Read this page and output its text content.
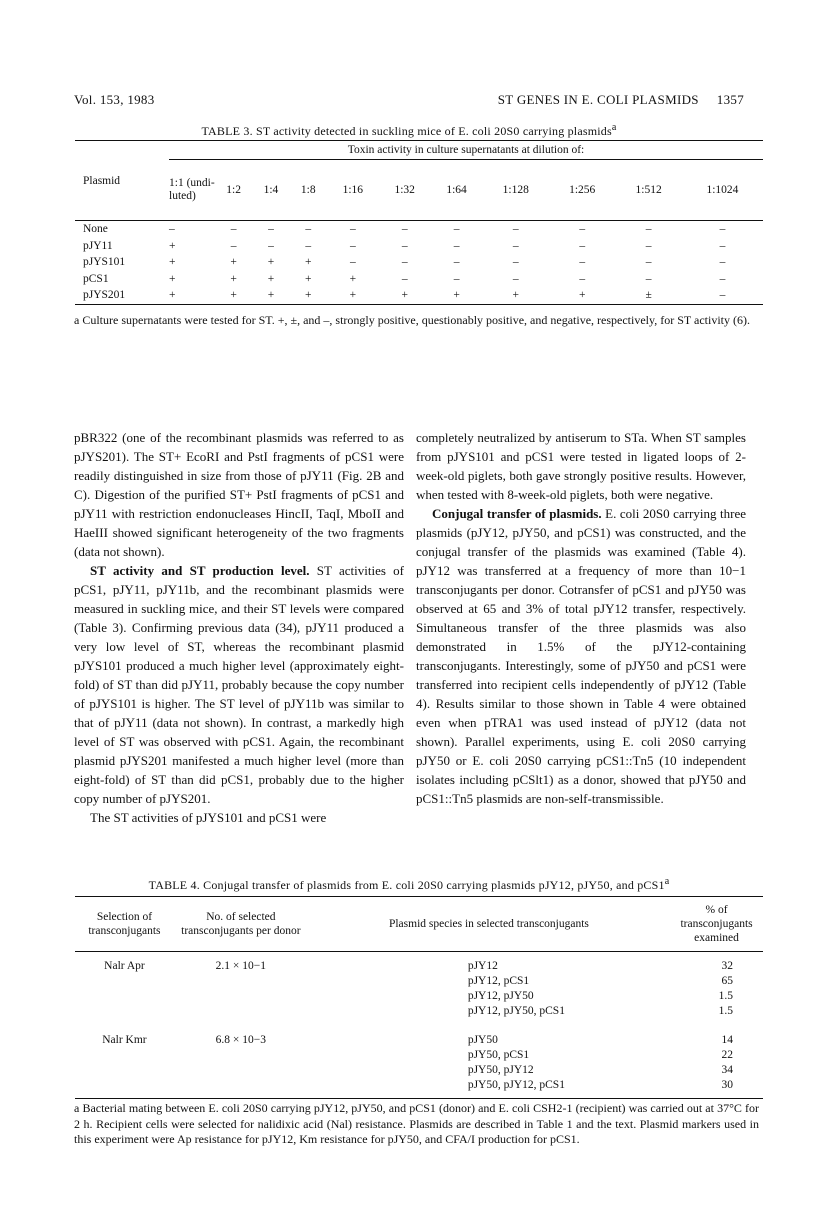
Vol. 153, 1983	ST GENES IN E. COLI PLASMIDS 1357
TABLE 3. ST activity detected in suckling mice of E. coli 20S0 carrying plasmids$^a$
Plasmid	Toxin activity in culture supernatants at dilution of:										
	1:1 (undi- luted)	1:2	1:4	1:8	1:16	1:32	1:64	1:128	1:256	1:512	1:1024
None	–	–	–	–	–	–	–	–	–	–	–
pJY11	+	–	–	–	–	–	–	–	–	–	–
pJYS101	+	+	+	+	–	–	–	–	–	–	–
pCS1	+	+	+	+	+	–	–	–	–	–	–
pJYS201	+	+	+	+	+	+	+	+	+	±	–
a Culture supernatants were tested for ST. +, ±, and –, strongly positive, questionably positive, and negative, respectively, for ST activity (6).

pBR322 (one of the recombinant plasmids was referred to as pJYS201). The ST+ EcoRI and PstI fragments of pCS1 were readily distinguished in size from those of pJY11 (Fig. 2B and C). Digestion of the purified ST+ PstI fragments of pCS1 and pJY11 with restriction endonucleases HincII, TaqI, MboII and HaeIII showed significant heterogeneity of the two fragments (data not shown).

ST activity and ST production level. ST activities of pCS1, pJY11, pJY11b, and the recombinant plasmids were measured in suckling mice, and their ST levels were compared (Table 3). Confirming previous data (34), pJY11 produced a very low level of ST, whereas the recombinant plasmid pJYS101 produced a much higher level (approximately eight-fold) of ST than did pJY11, probably because the copy number of pJYS101 is higher. The ST level of pJY11b was similar to that of pJY11 (data not shown). In contrast, a markedly high level of ST was observed with pCS1. Again, the recombinant plasmid pJYS201 manifested a much higher level (more than eight-fold) of ST than did pCS1, probably due to the higher copy number of pJYS201.

The ST activities of pJYS101 and pCS1 were

completely neutralized by antiserum to STa. When ST samples from pJYS101 and pCS1 were tested in ligated loops of 2-week-old piglets, both gave strongly positive results. However, when tested with 8-week-old piglets, both were negative.

Conjugal transfer of plasmids. E. coli 20S0 carrying three plasmids (pJY12, pJY50, and pCS1) was constructed, and the conjugal transfer of the plasmids was examined (Table 4). pJY12 was transferred at a frequency of more than 10−1 transconjugants per donor. Cotransfer of pCS1 and pJY50 was observed at 65 and 3% of total pJY12 transfer, respectively. Simultaneous transfer of the three plasmids was also demonstrated in 1.5% of the pJY12-containing transconjugants. Interestingly, some of pJY50 and pCS1 were transferred into recipient cells independently of pJY12 (Table 4). Results similar to those shown in Table 4 were obtained even when pTRA1 was used instead of pJY12 (data not shown). Parallel experiments, using E. coli 20S0 carrying pJY50 or E. coli 20S0 carrying pCS1::Tn5 (10 independent isolates including pCSlt1) as a donor, showed that pJY50 and pCS1::Tn5 plasmids are non-self-transmissible.

TABLE 4. Conjugal transfer of plasmids from E. coli 20S0 carrying plasmids pJY12, pJY50, and pCS1$^a$
Selection of transconjugants	No. of selected transconjugants per donor	Plasmid species in selected transconjugants	% of transconjugants examined

Nalr Apr	2.1 × 10−1	pJY12	32
		pJY12, pCS1	65
		pJY12, pJY50	1.5
		pJY12, pJY50, pCS1	1.5

Nalr Kmr	6.8 × 10−3	pJY50	14
		pJY50, pCS1	22
		pJY50, pJY12	34
		pJY50, pJY12, pCS1	30

a Bacterial mating between E. coli 20S0 carrying pJY12, pJY50, and pCS1 (donor) and E. coli CSH2-1 (recipient) was carried out at 37°C for 2 h. Recipient cells were selected for nalidixic acid (Nal) resistance. Plasmids are described in Table 1 and the text. Plasmid markers used in this experiment were Ap resistance for pJY12, Km resistance for pJY50, and CFA/I production for pCS1.
